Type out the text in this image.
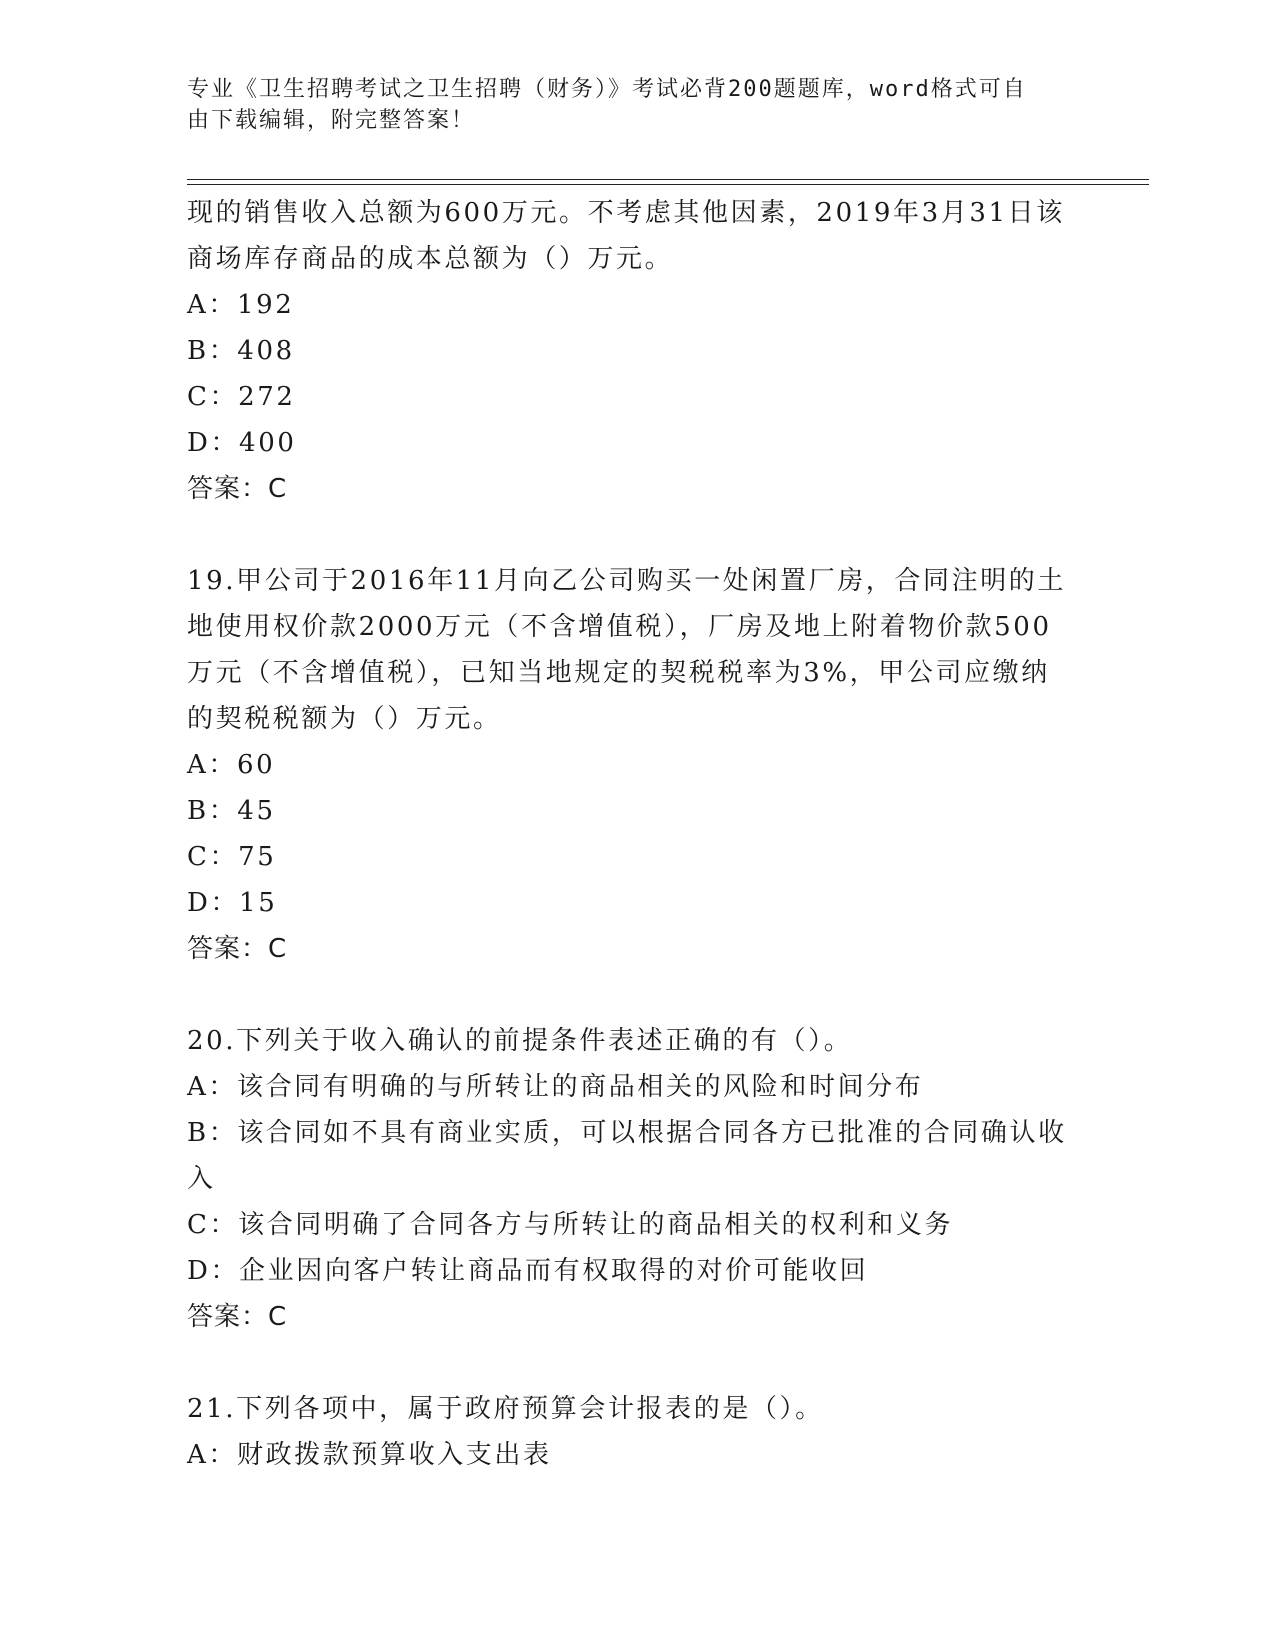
专业《卫生招聘考试之卫生招聘（财务）》考试必背200题题库，word格式可自
由下载编辑，附完整答案！
现的销售收入总额为600万元。不考虑其他因素，2019年3月31日该
商场库存商品的成本总额为（）万元。
A：192
B：408
C：272
D：400
答案：C
19.甲公司于2016年11月向乙公司购买一处闲置厂房，合同注明的土
地使用权价款2000万元（不含增值税），厂房及地上附着物价款500
万元（不含增值税），已知当地规定的契税税率为3%，甲公司应缴纳
的契税税额为（）万元。
A：60
B：45
C：75
D：15
答案：C
20.下列关于收入确认的前提条件表述正确的有（）。
A：该合同有明确的与所转让的商品相关的风险和时间分布
B：该合同如不具有商业实质，可以根据合同各方已批准的合同确认收
入
C：该合同明确了合同各方与所转让的商品相关的权利和义务
D：企业因向客户转让商品而有权取得的对价可能收回
答案：C
21.下列各项中，属于政府预算会计报表的是（）。
A：财政拨款预算收入支出表
